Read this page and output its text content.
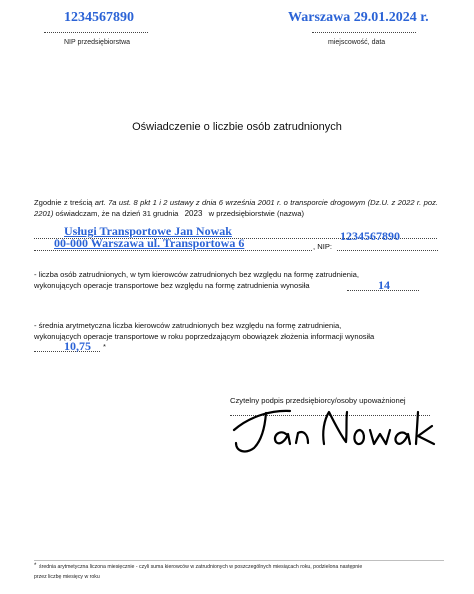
1234567890
NIP przedsiębiorstwa
Warszawa 29.01.2024 r.
miejscowość, data
Oświadczenie o liczbie osób zatrudnionych
Zgodnie z treścią art. 7a ust. 8 pkt 1 i 2 ustawy z dnia 6 września 2001 r. o transporcie drogowym (Dz.U. z 2022 r. poz. 2201) oświadczam, że na dzień 31 grudnia 2023 w przedsiębiorstwie (nazwa)
Usługi Transportowe Jan Nowak
00-000 Warszawa ul. Transportowa 6	, NIP:
1234567890
- liczba osób zatrudnionych, w tym kierowców zatrudnionych bez względu na formę zatrudnienia,
wykonujących operacje transportowe bez względu na formę zatrudnienia wynosiła	14
- średnia arytmetyczna liczba kierowców zatrudnionych bez względu na formę zatrudnienia,
wykonujących operacje transportowe w roku poprzedzającym obowiązek złożenia informacji wynosiła
10,75 *
Czytelny podpis przedsiębiorcy/osoby upoważnionej
* średnia arytmetyczna liczona miesięcznie - czyli suma kierowców w zatrudnionych w poszczególnych miesiącach roku, podzielona następnie
przez liczbę miesięcy w roku
